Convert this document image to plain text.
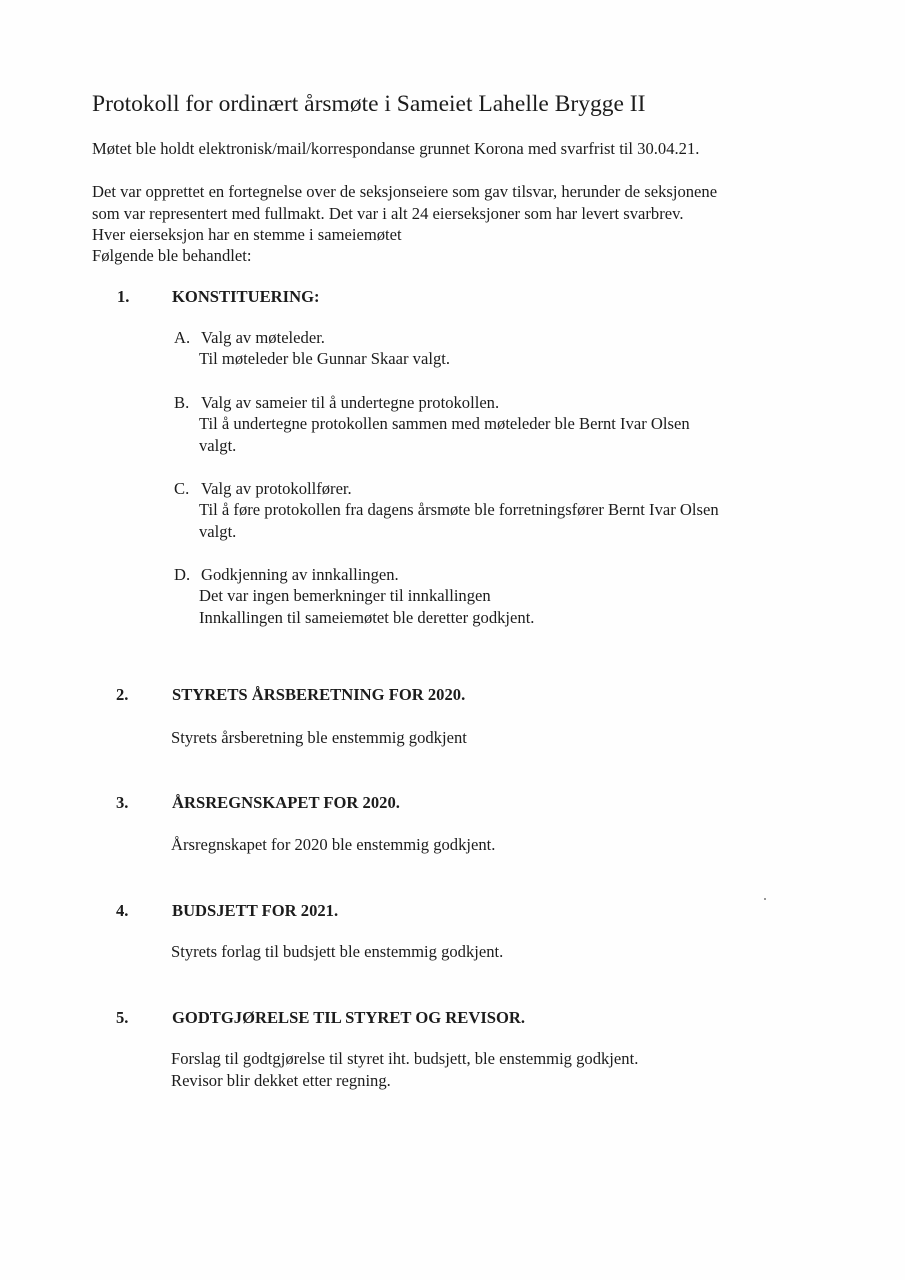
Protokoll for ordinært årsmøte i Sameiet Lahelle Brygge II

Møtet ble holdt elektronisk/mail/korrespondanse grunnet Korona med svarfrist til 30.04.21.

Det var opprettet en fortegnelse over de seksjonseiere som gav tilsvar, herunder de seksjonene

som var representert med fullmakt. Det var i alt 24 eierseksjoner som har levert svarbrev.

Hver eierseksjon har en stemme i sameiemøtet

Følgende ble behandlet:

1.	KONSTITUERING:
A. Valg av møteleder.
Til møteleder ble Gunnar Skaar valgt.
B. Valg av sameier til å undertegne protokollen.
Til å undertegne protokollen sammen med møteleder ble Bernt Ivar Olsen
valgt.
C. Valg av protokollfører.
Til å føre protokollen fra dagens årsmøte ble forretningsfører Bernt Ivar Olsen
valgt.
D. Godkjenning av innkallingen.
Det var ingen bemerkninger til innkallingen
Innkallingen til sameiemøtet ble deretter godkjent.
2.	STYRETS ÅRSBERETNING FOR 2020.
Styrets årsberetning ble enstemmig godkjent
3.	ÅRSREGNSKAPET FOR 2020.
Årsregnskapet for 2020 ble enstemmig godkjent.
4.	BUDSJETT FOR 2021.
Styrets forlag til budsjett ble enstemmig godkjent.
5.	GODTGJØRELSE TIL STYRET OG REVISOR.
Forslag til godtgjørelse til styret iht. budsjett, ble enstemmig godkjent.
Revisor blir dekket etter regning.
